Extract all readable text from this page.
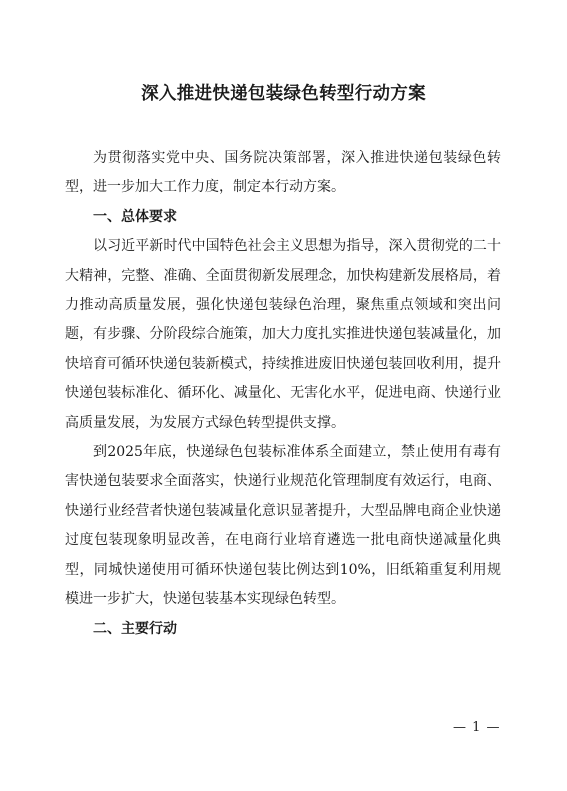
深入推进快递包装绿色转型行动方案

为贯彻落实党中央、国务院决策部署，深入推进快递包装绿色转型，进一步加大工作力度，制定本行动方案。

一、总体要求

以习近平新时代中国特色社会主义思想为指导，深入贯彻党的二十大精神，完整、准确、全面贯彻新发展理念，加快构建新发展格局，着力推动高质量发展，强化快递包装绿色治理，聚焦重点领域和突出问题，有步骤、分阶段综合施策，加大力度扎实推进快递包装减量化，加快培育可循环快递包装新模式，持续推进废旧快递包装回收利用，提升快递包装标准化、循环化、减量化、无害化水平，促进电商、快递行业高质量发展，为发展方式绿色转型提供支撑。

到2025年底，快递绿色包装标准体系全面建立，禁止使用有毒有害快递包装要求全面落实，快递行业规范化管理制度有效运行，电商、快递行业经营者快递包装减量化意识显著提升，大型品牌电商企业快递过度包装现象明显改善，在电商行业培育遴选一批电商快递减量化典型，同城快递使用可循环快递包装比例达到10%，旧纸箱重复利用规模进一步扩大，快递包装基本实现绿色转型。

二、主要行动

— 1 —
